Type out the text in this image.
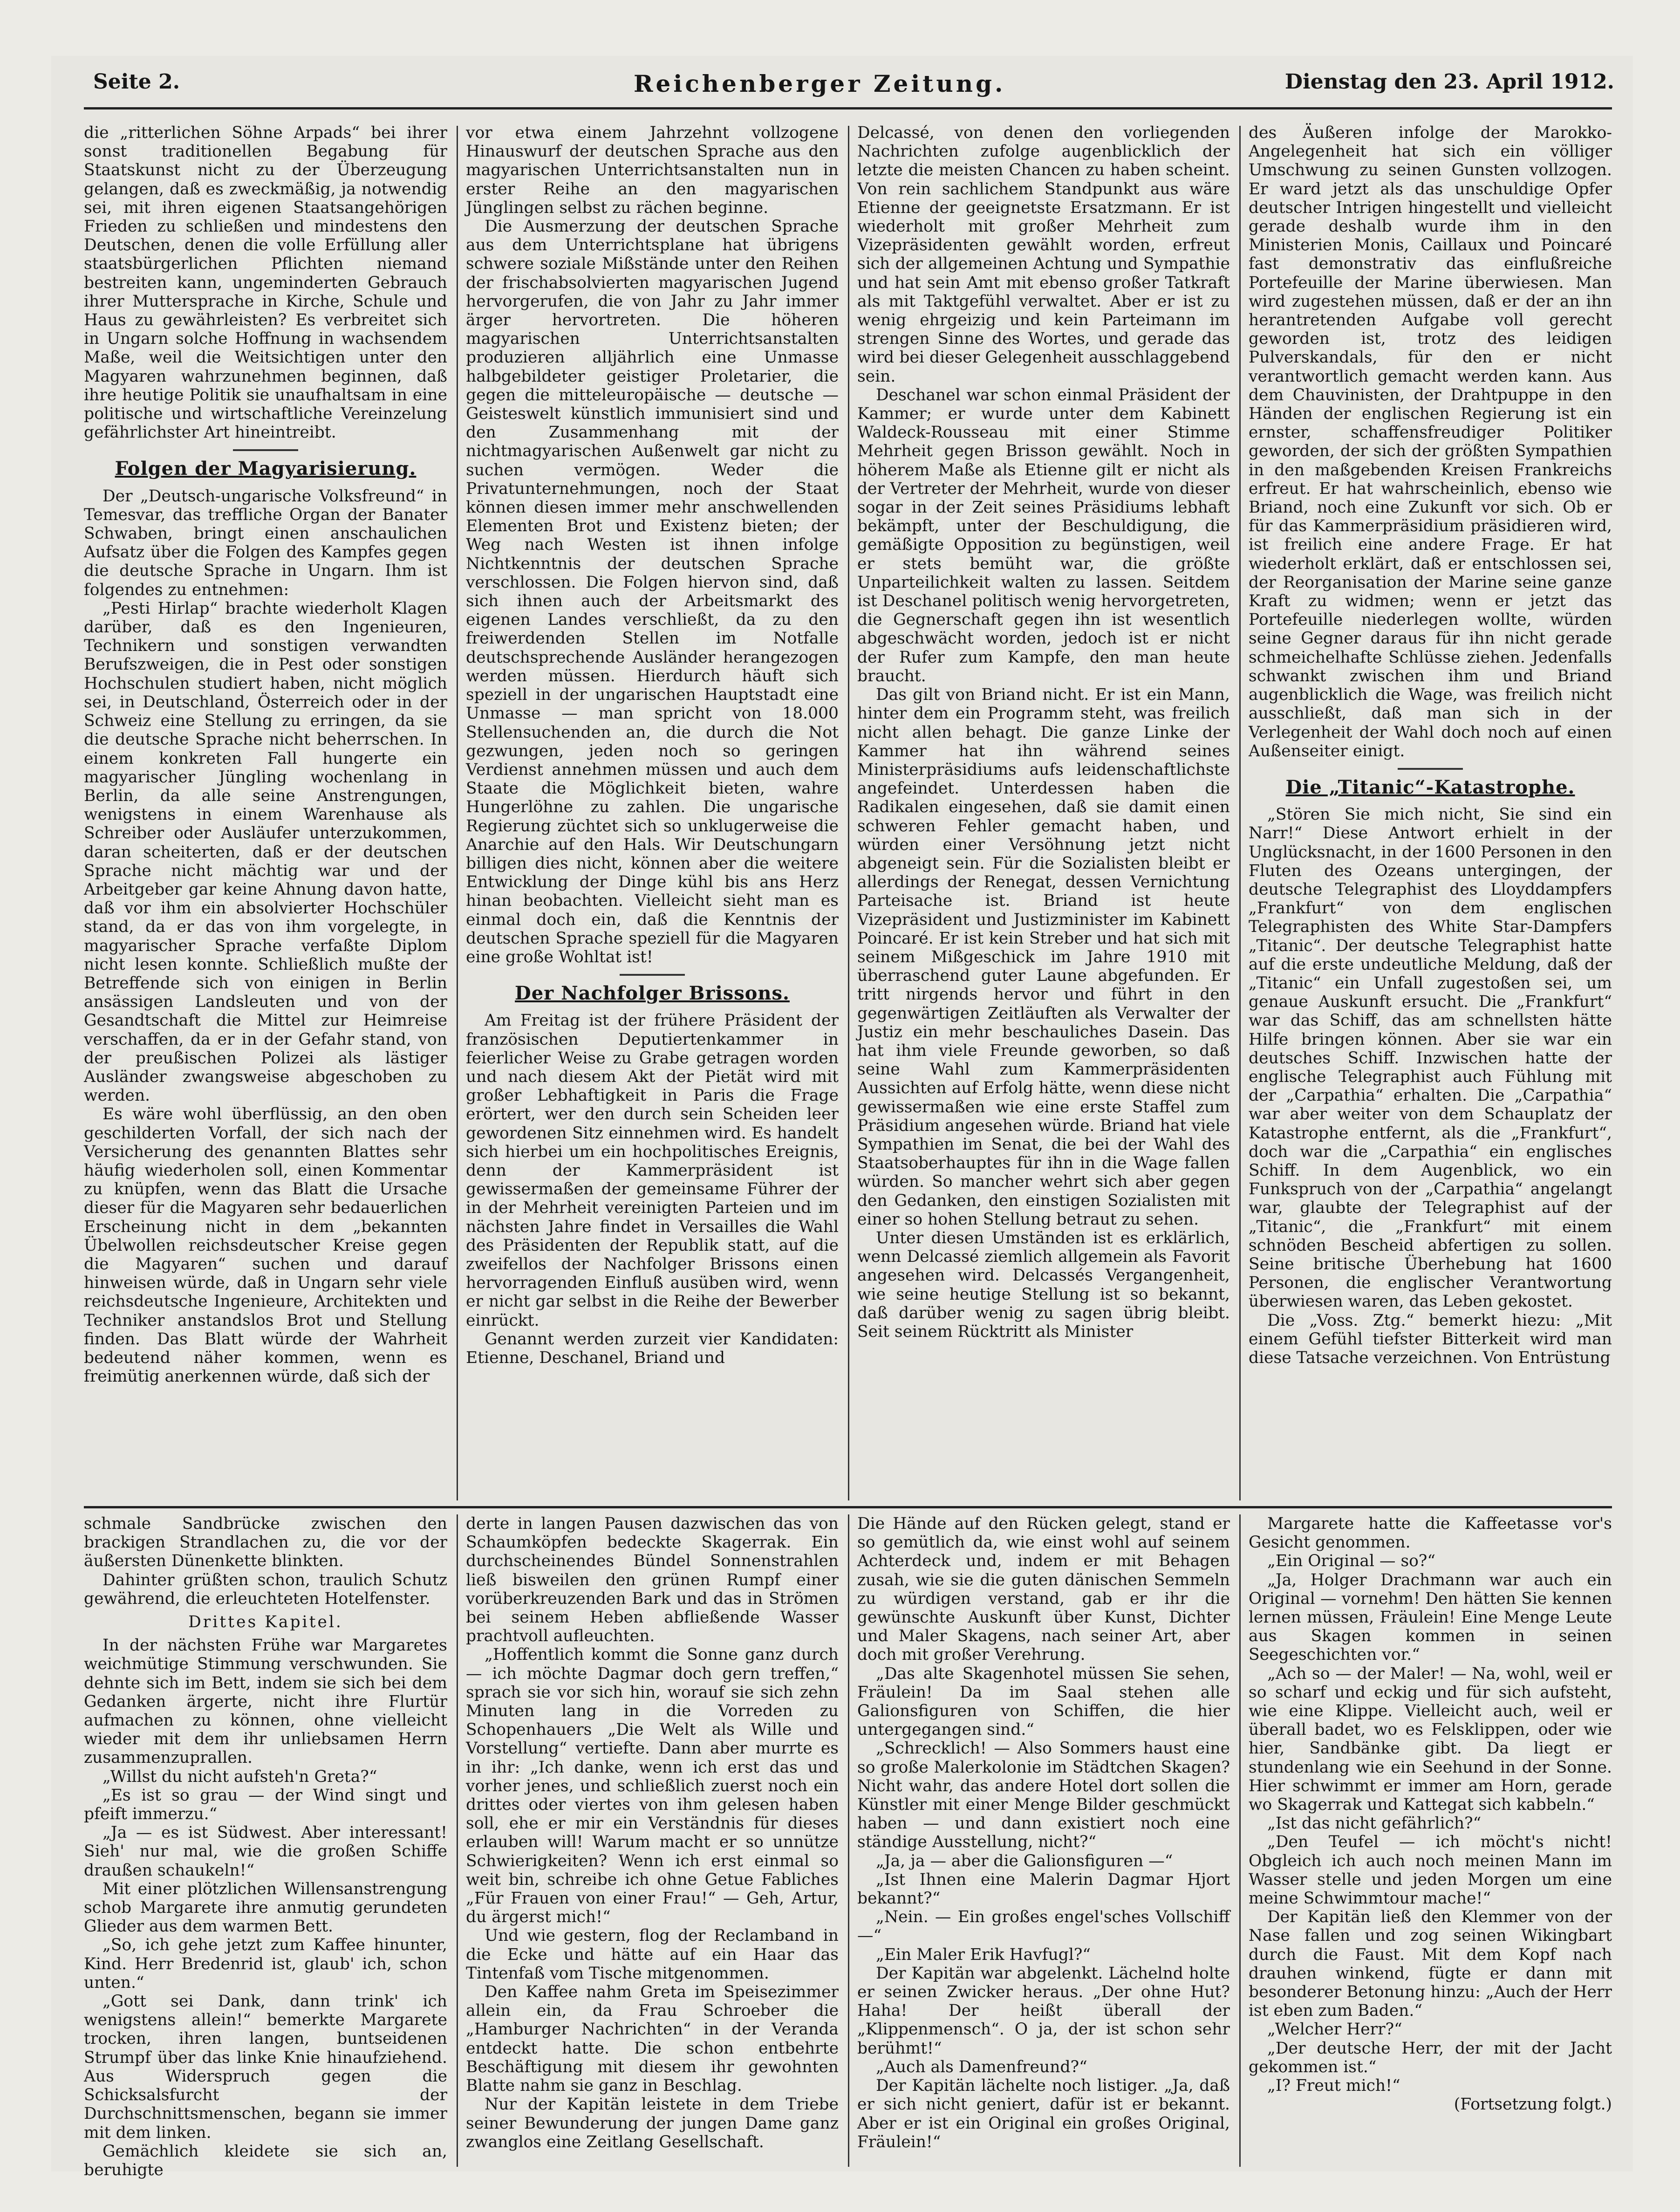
Seite 2.	Reichenberger Zeitung.	Dienstag den 23. April 1912.

die „ritterlichen Söhne Arpads“ bei ihrer sonst traditionellen Begabung für Staatskunst nicht zu der Überzeugung gelangen, daß es zweckmäßig, ja notwendig sei, mit ihren eigenen Staatsangehörigen Frieden zu schließen und mindestens den Deutschen, denen die volle Erfüllung aller staatsbürgerlichen Pflichten niemand bestreiten kann, ungeminderten Gebrauch ihrer Muttersprache in Kirche, Schule und Haus zu gewährleisten? Es verbreitet sich in Ungarn solche Hoffnung in wachsendem Maße, weil die Weitsichtigen unter den Magyaren wahrzunehmen beginnen, daß ihre heutige Politik sie unaufhaltsam in eine politische und wirtschaftliche Vereinzelung gefährlichster Art hineintreibt.

Folgen der Magyarisierung.

Der „Deutsch-ungarische Volksfreund“ in Temesvar, das treffliche Organ der Banater Schwaben, bringt einen anschaulichen Aufsatz über die Folgen des Kampfes gegen die deutsche Sprache in Ungarn. Ihm ist folgendes zu entnehmen:

„Pesti Hirlap“ brachte wiederholt Klagen darüber, daß es den Ingenieuren, Technikern und sonstigen verwandten Berufszweigen, die in Pest oder sonstigen Hochschulen studiert haben, nicht möglich sei, in Deutschland, Österreich oder in der Schweiz eine Stellung zu erringen, da sie die deutsche Sprache nicht beherrschen. In einem konkreten Fall hungerte ein magyarischer Jüngling wochenlang in Berlin, da alle seine Anstrengungen, wenigstens in einem Warenhause als Schreiber oder Ausläufer unterzukommen, daran scheiterten, daß er der deutschen Sprache nicht mächtig war und der Arbeitgeber gar keine Ahnung davon hatte, daß vor ihm ein absolvierter Hochschüler stand, da er das von ihm vorgelegte, in magyarischer Sprache verfaßte Diplom nicht lesen konnte. Schließlich mußte der Betreffende sich von einigen in Berlin ansässigen Landsleuten und von der Gesandtschaft die Mittel zur Heimreise verschaffen, da er in der Gefahr stand, von der preußischen Polizei als lästiger Ausländer zwangsweise abgeschoben zu werden.

Es wäre wohl überflüssig, an den oben geschilderten Vorfall, der sich nach der Versicherung des genannten Blattes sehr häufig wiederholen soll, einen Kommentar zu knüpfen, wenn das Blatt die Ursache dieser für die Magyaren sehr bedauerlichen Erscheinung nicht in dem „bekannten Übelwollen reichsdeutscher Kreise gegen die Magyaren“ suchen und darauf hinweisen würde, daß in Ungarn sehr viele reichsdeutsche Ingenieure, Architekten und Techniker anstandslos Brot und Stellung finden. Das Blatt würde der Wahrheit bedeutend näher kommen, wenn es freimütig anerkennen würde, daß sich der

vor etwa einem Jahrzehnt vollzogene Hinauswurf der deutschen Sprache aus den magyarischen Unterrichtsanstalten nun in erster Reihe an den magyarischen Jünglingen selbst zu rächen beginne.

Die Ausmerzung der deutschen Sprache aus dem Unterrichtsplane hat übrigens schwere soziale Mißstände unter den Reihen der frischabsolvierten magyarischen Jugend hervorgerufen, die von Jahr zu Jahr immer ärger hervortreten. Die höheren magyarischen Unterrichtsanstalten produzieren alljährlich eine Unmasse halbgebildeter geistiger Proletarier, die gegen die mitteleuropäische — deutsche — Geisteswelt künstlich immunisiert sind und den Zusammenhang mit der nichtmagyarischen Außenwelt gar nicht zu suchen vermögen. Weder die Privatunternehmungen, noch der Staat können diesen immer mehr anschwellenden Elementen Brot und Existenz bieten; der Weg nach Westen ist ihnen infolge Nichtkenntnis der deutschen Sprache verschlossen. Die Folgen hiervon sind, daß sich ihnen auch der Arbeitsmarkt des eigenen Landes verschließt, da zu den freiwerdenden Stellen im Notfalle deutschsprechende Ausländer herangezogen werden müssen. Hierdurch häuft sich speziell in der ungarischen Hauptstadt eine Unmasse — man spricht von 18.000 Stellensuchenden an, die durch die Not gezwungen, jeden noch so geringen Verdienst annehmen müssen und auch dem Staate die Möglichkeit bieten, wahre Hungerlöhne zu zahlen. Die ungarische Regierung züchtet sich so unklugerweise die Anarchie auf den Hals. Wir Deutschungarn billigen dies nicht, können aber die weitere Entwicklung der Dinge kühl bis ans Herz hinan beobachten. Vielleicht sieht man es einmal doch ein, daß die Kenntnis der deutschen Sprache speziell für die Magyaren eine große Wohltat ist!

Der Nachfolger Brissons.

Am Freitag ist der frühere Präsident der französischen Deputiertenkammer in feierlicher Weise zu Grabe getragen worden und nach diesem Akt der Pietät wird mit großer Lebhaftigkeit in Paris die Frage erörtert, wer den durch sein Scheiden leer gewordenen Sitz einnehmen wird. Es handelt sich hierbei um ein hochpolitisches Ereignis, denn der Kammerpräsident ist gewissermaßen der gemeinsame Führer der in der Mehrheit vereinigten Parteien und im nächsten Jahre findet in Versailles die Wahl des Präsidenten der Republik statt, auf die zweifellos der Nachfolger Brissons einen hervorragenden Einfluß ausüben wird, wenn er nicht gar selbst in die Reihe der Bewerber einrückt.

Genannt werden zurzeit vier Kandidaten: Etienne, Deschanel, Briand und

Delcassé, von denen den vorliegenden Nachrichten zufolge augenblicklich der letzte die meisten Chancen zu haben scheint. Von rein sachlichem Standpunkt aus wäre Etienne der geeignetste Ersatzmann. Er ist wiederholt mit großer Mehrheit zum Vizepräsidenten gewählt worden, erfreut sich der allgemeinen Achtung und Sympathie und hat sein Amt mit ebenso großer Tatkraft als mit Taktgefühl verwaltet. Aber er ist zu wenig ehrgeizig und kein Parteimann im strengen Sinne des Wortes, und gerade das wird bei dieser Gelegenheit ausschlaggebend sein.

Deschanel war schon einmal Präsident der Kammer; er wurde unter dem Kabinett Waldeck-Rousseau mit einer Stimme Mehrheit gegen Brisson gewählt. Noch in höherem Maße als Etienne gilt er nicht als der Vertreter der Mehrheit, wurde von dieser sogar in der Zeit seines Präsidiums lebhaft bekämpft, unter der Beschuldigung, die gemäßigte Opposition zu begünstigen, weil er stets bemüht war, die größte Unparteilichkeit walten zu lassen. Seitdem ist Deschanel politisch wenig hervorgetreten, die Gegnerschaft gegen ihn ist wesentlich abgeschwächt worden, jedoch ist er nicht der Rufer zum Kampfe, den man heute braucht.

Das gilt von Briand nicht. Er ist ein Mann, hinter dem ein Programm steht, was freilich nicht allen behagt. Die ganze Linke der Kammer hat ihn während seines Ministerpräsidiums aufs leidenschaftlichste angefeindet. Unterdessen haben die Radikalen eingesehen, daß sie damit einen schweren Fehler gemacht haben, und würden einer Versöhnung jetzt nicht abgeneigt sein. Für die Sozialisten bleibt er allerdings der Renegat, dessen Vernichtung Parteisache ist. Briand ist heute Vizepräsident und Justizminister im Kabinett Poincaré. Er ist kein Streber und hat sich mit seinem Mißgeschick im Jahre 1910 mit überraschend guter Laune abgefunden. Er tritt nirgends hervor und führt in den gegenwärtigen Zeitläuften als Verwalter der Justiz ein mehr beschauliches Dasein. Das hat ihm viele Freunde geworben, so daß seine Wahl zum Kammerpräsidenten Aussichten auf Erfolg hätte, wenn diese nicht gewissermaßen wie eine erste Staffel zum Präsidium angesehen würde. Briand hat viele Sympathien im Senat, die bei der Wahl des Staatsoberhauptes für ihn in die Wage fallen würden. So mancher wehrt sich aber gegen den Gedanken, den einstigen Sozialisten mit einer so hohen Stellung betraut zu sehen.

Unter diesen Umständen ist es erklärlich, wenn Delcassé ziemlich allgemein als Favorit angesehen wird. Delcassés Vergangenheit, wie seine heutige Stellung ist so bekannt, daß darüber wenig zu sagen übrig bleibt. Seit seinem Rücktritt als Minister

des Äußeren infolge der Marokko-Angelegenheit hat sich ein völliger Umschwung zu seinen Gunsten vollzogen. Er ward jetzt als das unschuldige Opfer deutscher Intrigen hingestellt und vielleicht gerade deshalb wurde ihm in den Ministerien Monis, Caillaux und Poincaré fast demonstrativ das einflußreiche Portefeuille der Marine überwiesen. Man wird zugestehen müssen, daß er der an ihn herantretenden Aufgabe voll gerecht geworden ist, trotz des leidigen Pulverskandals, für den er nicht verantwortlich gemacht werden kann. Aus dem Chauvinisten, der Drahtpuppe in den Händen der englischen Regierung ist ein ernster, schaffensfreudiger Politiker geworden, der sich der größten Sympathien in den maßgebenden Kreisen Frankreichs erfreut. Er hat wahrscheinlich, ebenso wie Briand, noch eine Zukunft vor sich. Ob er für das Kammerpräsidium präsidieren wird, ist freilich eine andere Frage. Er hat wiederholt erklärt, daß er entschlossen sei, der Reorganisation der Marine seine ganze Kraft zu widmen; wenn er jetzt das Portefeuille niederlegen wollte, würden seine Gegner daraus für ihn nicht gerade schmeichelhafte Schlüsse ziehen. Jedenfalls schwankt zwischen ihm und Briand augenblicklich die Wage, was freilich nicht ausschließt, daß man sich in der Verlegenheit der Wahl doch noch auf einen Außenseiter einigt.

Die „Titanic“-Katastrophe.

„Stören Sie mich nicht, Sie sind ein Narr!“ Diese Antwort erhielt in der Unglücksnacht, in der 1600 Personen in den Fluten des Ozeans untergingen, der deutsche Telegraphist des Lloyddampfers „Frankfurt“ von dem englischen Telegraphisten des White Star-Dampfers „Titanic“. Der deutsche Telegraphist hatte auf die erste undeutliche Meldung, daß der „Titanic“ ein Unfall zugestoßen sei, um genaue Auskunft ersucht. Die „Frankfurt“ war das Schiff, das am schnellsten hätte Hilfe bringen können. Aber sie war ein deutsches Schiff. Inzwischen hatte der englische Telegraphist auch Fühlung mit der „Carpathia“ erhalten. Die „Carpathia“ war aber weiter von dem Schauplatz der Katastrophe entfernt, als die „Frankfurt“, doch war die „Carpathia“ ein englisches Schiff. In dem Augenblick, wo ein Funkspruch von der „Carpathia“ angelangt war, glaubte der Telegraphist auf der „Titanic“, die „Frankfurt“ mit einem schnöden Bescheid abfertigen zu sollen. Seine britische Überhebung hat 1600 Personen, die englischer Verantwortung überwiesen waren, das Leben gekostet.

Die „Voss. Ztg.“ bemerkt hiezu: „Mit einem Gefühl tiefster Bitterkeit wird man diese Tatsache verzeichnen. Von Entrüstung

schmale Sandbrücke zwischen den brackigen Strandlachen zu, die vor der äußersten Dünenkette blinkten.

Dahinter grüßten schon, traulich Schutz gewährend, die erleuchteten Hotelfenster.

Drittes Kapitel.

In der nächsten Frühe war Margaretes weichmütige Stimmung verschwunden. Sie dehnte sich im Bett, indem sie sich bei dem Gedanken ärgerte, nicht ihre Flurtür aufmachen zu können, ohne vielleicht wieder mit dem ihr unliebsamen Herrn zusammenzuprallen.

„Willst du nicht aufsteh'n Greta?“

„Es ist so grau — der Wind singt und pfeift immerzu.“

„Ja — es ist Südwest. Aber interessant! Sieh' nur mal, wie die großen Schiffe draußen schaukeln!“

Mit einer plötzlichen Willensanstrengung schob Margarete ihre anmutig gerundeten Glieder aus dem warmen Bett.

„So, ich gehe jetzt zum Kaffee hinunter, Kind. Herr Bredenrid ist, glaub' ich, schon unten.“

„Gott sei Dank, dann trink' ich wenigstens allein!“ bemerkte Margarete trocken, ihren langen, buntseidenen Strumpf über das linke Knie hinaufziehend. Aus Widerspruch gegen die Schicksalsfurcht der Durchschnittsmenschen, begann sie immer mit dem linken.

Gemächlich kleidete sie sich an, beruhigte

derte in langen Pausen dazwischen das von Schaumköpfen bedeckte Skagerrak. Ein durchscheinendes Bündel Sonnenstrahlen ließ bisweilen den grünen Rumpf einer vorüberkreuzenden Bark und das in Strömen bei seinem Heben abfließende Wasser prachtvoll aufleuchten.

„Hoffentlich kommt die Sonne ganz durch — ich möchte Dagmar doch gern treffen,“ sprach sie vor sich hin, worauf sie sich zehn Minuten lang in die Vorreden zu Schopenhauers „Die Welt als Wille und Vorstellung“ vertiefte. Dann aber murrte es in ihr: „Ich danke, wenn ich erst das und vorher jenes, und schließlich zuerst noch ein drittes oder viertes von ihm gelesen haben soll, ehe er mir ein Verständnis für dieses erlauben will! Warum macht er so unnütze Schwierigkeiten? Wenn ich erst einmal so weit bin, schreibe ich ohne Getue Fabliches „Für Frauen von einer Frau!“ — Geh, Artur, du ärgerst mich!“

Und wie gestern, flog der Reclamband in die Ecke und hätte auf ein Haar das Tintenfaß vom Tische mitgenommen.

Den Kaffee nahm Greta im Speisezimmer allein ein, da Frau Schroeber die „Hamburger Nachrichten“ in der Veranda entdeckt hatte. Die schon entbehrte Beschäftigung mit diesem ihr gewohnten Blatte nahm sie ganz in Beschlag.

Nur der Kapitän leistete in dem Triebe seiner Bewunderung der jungen Dame ganz zwanglos eine Zeitlang Gesellschaft.

Die Hände auf den Rücken gelegt, stand er so gemütlich da, wie einst wohl auf seinem Achterdeck und, indem er mit Behagen zusah, wie sie die guten dänischen Semmeln zu würdigen verstand, gab er ihr die gewünschte Auskunft über Kunst, Dichter und Maler Skagens, nach seiner Art, aber doch mit großer Verehrung.

„Das alte Skagenhotel müssen Sie sehen, Fräulein! Da im Saal stehen alle Galionsfiguren von Schiffen, die hier untergegangen sind.“

„Schrecklich! — Also Sommers haust eine so große Malerkolonie im Städtchen Skagen? Nicht wahr, das andere Hotel dort sollen die Künstler mit einer Menge Bilder geschmückt haben — und dann existiert noch eine ständige Ausstellung, nicht?“

„Ja, ja — aber die Galionsfiguren —“

„Ist Ihnen eine Malerin Dagmar Hjort bekannt?“

„Nein. — Ein großes engel'sches Vollschiff —“

„Ein Maler Erik Havfugl?“

Der Kapitän war abgelenkt. Lächelnd holte er seinen Zwicker heraus. „Der ohne Hut? Haha! Der heißt überall der „Klippenmensch“. O ja, der ist schon sehr berühmt!“

„Auch als Damenfreund?“

Der Kapitän lächelte noch listiger. „Ja, daß er sich nicht geniert, dafür ist er bekannt. Aber er ist ein Original ein großes Original, Fräulein!“

Margarete hatte die Kaffeetasse vor's Gesicht genommen.

„Ein Original — so?“

„Ja, Holger Drachmann war auch ein Original — vornehm! Den hätten Sie kennen lernen müssen, Fräulein! Eine Menge Leute aus Skagen kommen in seinen Seegeschichten vor.“

„Ach so — der Maler! — Na, wohl, weil er so scharf und eckig und für sich aufsteht, wie eine Klippe. Vielleicht auch, weil er überall badet, wo es Felsklippen, oder wie hier, Sandbänke gibt. Da liegt er stundenlang wie ein Seehund in der Sonne. Hier schwimmt er immer am Horn, gerade wo Skagerrak und Kattegat sich kabbeln.“

„Ist das nicht gefährlich?“

„Den Teufel — ich möcht's nicht! Obgleich ich auch noch meinen Mann im Wasser stelle und jeden Morgen um eine meine Schwimmtour mache!“

Der Kapitän ließ den Klemmer von der Nase fallen und zog seinen Wikingbart durch die Faust. Mit dem Kopf nach drauhen winkend, fügte er dann mit besonderer Betonung hinzu: „Auch der Herr ist eben zum Baden.“

„Welcher Herr?“

„Der deutsche Herr, der mit der Jacht gekommen ist.“

„I? Freut mich!“

(Fortsetzung folgt.)
